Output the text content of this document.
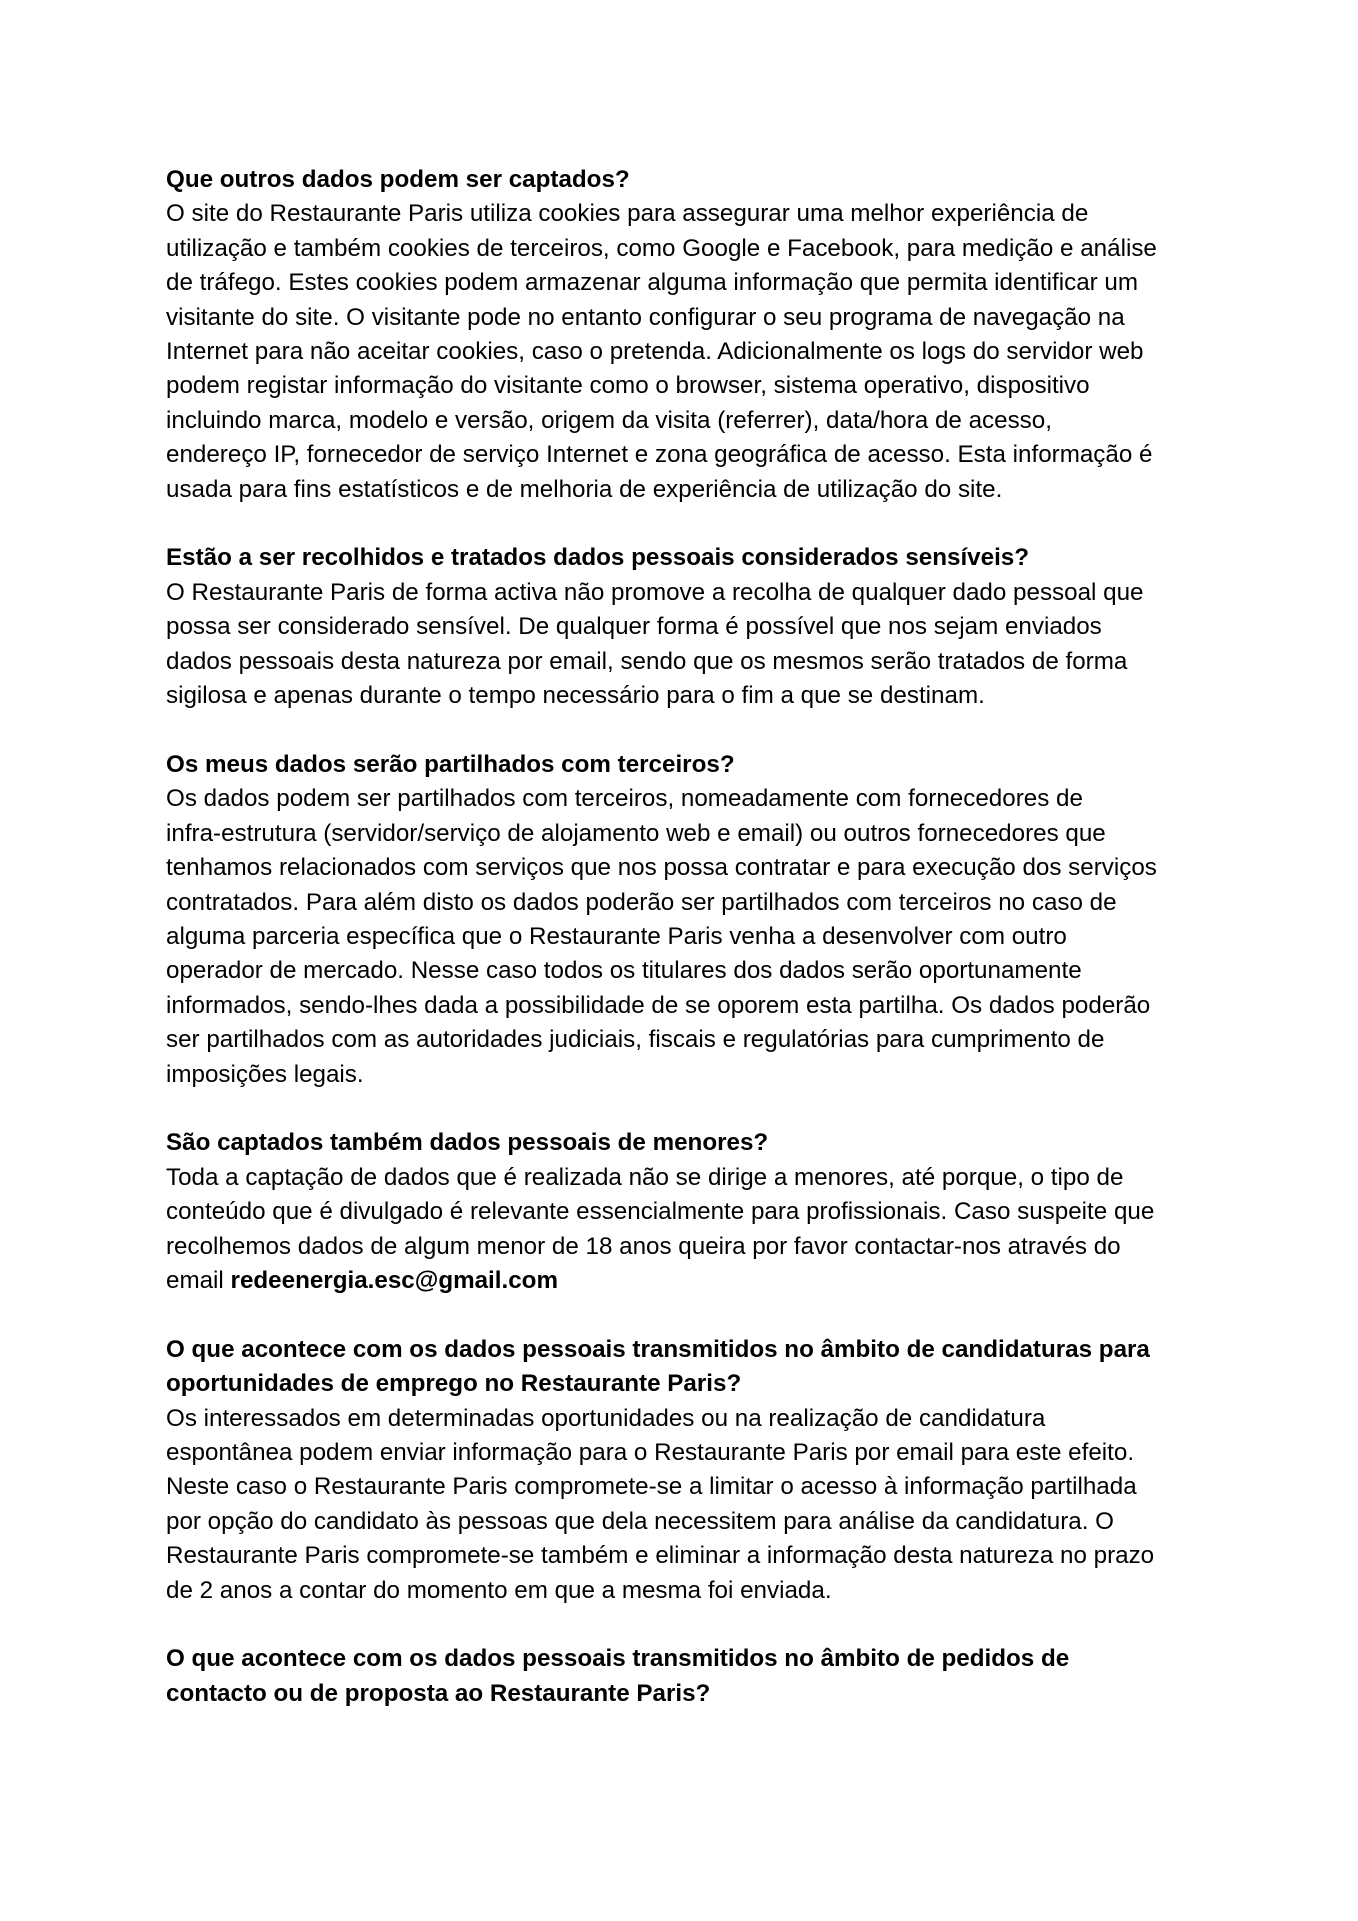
Que outros dados podem ser captados?

O site do Restaurante Paris utiliza cookies para assegurar uma melhor experiência de
utilização e também cookies de terceiros, como Google e Facebook, para medição e análise
de tráfego. Estes cookies podem armazenar alguma informação que permita identificar um
visitante do site. O visitante pode no entanto configurar o seu programa de navegação na
Internet para não aceitar cookies, caso o pretenda. Adicionalmente os logs do servidor web
podem registar informação do visitante como o browser, sistema operativo, dispositivo
incluindo marca, modelo e versão, origem da visita (referrer), data/hora de acesso,
endereço IP, fornecedor de serviço Internet e zona geográfica de acesso. Esta informação é
usada para fins estatísticos e de melhoria de experiência de utilização do site.

Estão a ser recolhidos e tratados dados pessoais considerados sensíveis?

O Restaurante Paris de forma activa não promove a recolha de qualquer dado pessoal que
possa ser considerado sensível. De qualquer forma é possível que nos sejam enviados
dados pessoais desta natureza por email, sendo que os mesmos serão tratados de forma
sigilosa e apenas durante o tempo necessário para o fim a que se destinam.

Os meus dados serão partilhados com terceiros?

Os dados podem ser partilhados com terceiros, nomeadamente com fornecedores de
infra-estrutura (servidor/serviço de alojamento web e email) ou outros fornecedores que
tenhamos relacionados com serviços que nos possa contratar e para execução dos serviços
contratados. Para além disto os dados poderão ser partilhados com terceiros no caso de
alguma parceria específica que o Restaurante Paris venha a desenvolver com outro
operador de mercado. Nesse caso todos os titulares dos dados serão oportunamente
informados, sendo-lhes dada a possibilidade de se oporem esta partilha. Os dados poderão
ser partilhados com as autoridades judiciais, fiscais e regulatórias para cumprimento de
imposições legais.

São captados também dados pessoais de menores?

Toda a captação de dados que é realizada não se dirige a menores, até porque, o tipo de
conteúdo que é divulgado é relevante essencialmente para profissionais. Caso suspeite que
recolhemos dados de algum menor de 18 anos queira por favor contactar-nos através do
email redeenergia.esc@gmail.com

O que acontece com os dados pessoais transmitidos no âmbito de candidaturas para
oportunidades de emprego no Restaurante Paris?

Os interessados em determinadas oportunidades ou na realização de candidatura
espontânea podem enviar informação para o Restaurante Paris por email para este efeito.
Neste caso o Restaurante Paris compromete-se a limitar o acesso à informação partilhada
por opção do candidato às pessoas que dela necessitem para análise da candidatura. O
Restaurante Paris compromete-se também e eliminar a informação desta natureza no prazo
de 2 anos a contar do momento em que a mesma foi enviada.

O que acontece com os dados pessoais transmitidos no âmbito de pedidos de
contacto ou de proposta ao Restaurante Paris?
